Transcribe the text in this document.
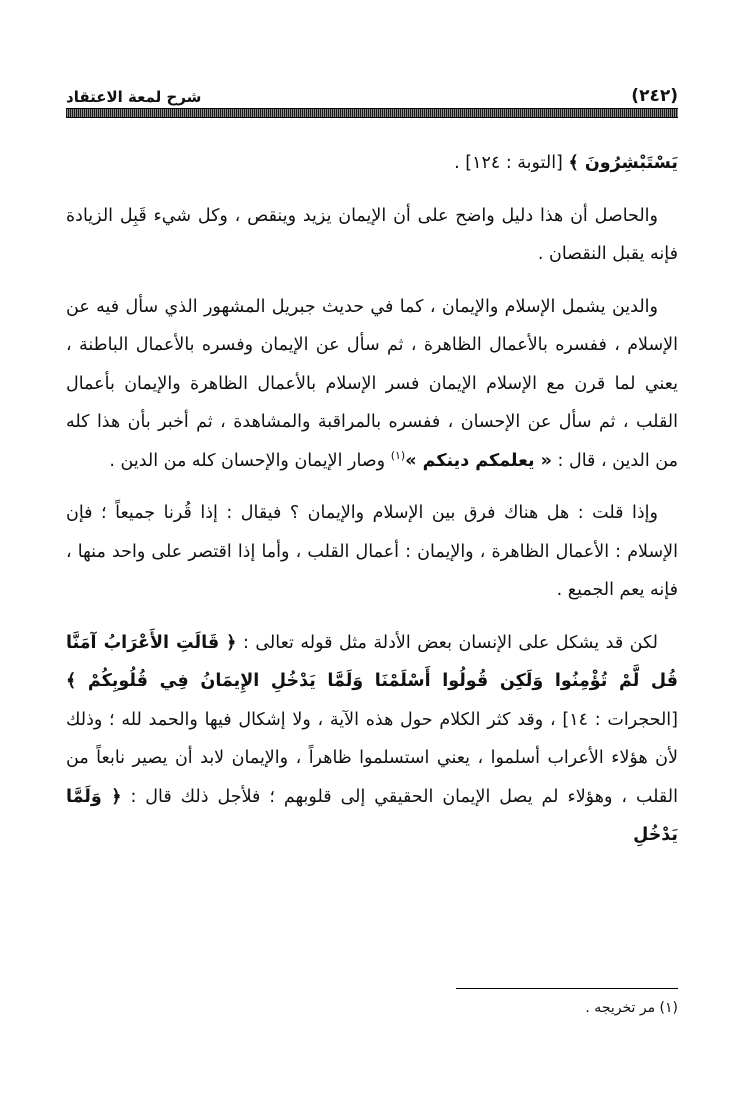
شرح لمعة الاعتقاد	(٢٤٢)

يَسْتَبْشِرُونَ ﴾ [التوبة : ١٢٤] .

والحاصل أن هذا دليل واضح على أن الإيمان يزيد وينقص ، وكل شيء قَبِل الزيادة فإنه يقبل النقصان .

والدين يشمل الإسلام والإيمان ، كما في حديث جبريل المشهور الذي سأل فيه عن الإسلام ، ففسره بالأعمال الظاهرة ، ثم سأل عن الإيمان وفسره بالأعمال الباطنة ، يعني لما قرن مع الإسلام الإيمان فسر الإسلام بالأعمال الظاهرة والإيمان بأعمال القلب ، ثم سأل عن الإحسان ، ففسره بالمراقبة والمشاهدة ، ثم أخبر بأن هذا كله من الدين ، قال : « يعلمكم دينكم »$^{(١)}$ وصار الإيمان والإحسان كله من الدين .

وإذا قلت : هل هناك فرق بين الإسلام والإيمان ؟ فيقال : إذا قُرنا جميعاً ؛ فإن الإسلام : الأعمال الظاهرة ، والإيمان : أعمال القلب ، وأما إذا اقتصر على واحد منها ، فإنه يعم الجميع .

لكن قد يشكل على الإنسان بعض الأدلة مثل قوله تعالى : ﴿ قَالَتِ الأَعْرَابُ آمَنَّا قُل لَّمْ تُؤْمِنُوا وَلَكِن قُولُوا أَسْلَمْنَا وَلَمَّا يَدْخُلِ الإِيمَانُ فِي قُلُوبِكُمْ ﴾ [الحجرات : ١٤] ، وقد كثر الكلام حول هذه الآية ، ولا إشكال فيها والحمد لله ؛ وذلك لأن هؤلاء الأعراب أسلموا ، يعني استسلموا ظاهراً ، والإيمان لابد أن يصير نابعاً من القلب ، وهؤلاء لم يصل الإيمان الحقيقي إلى قلوبهم ؛ فلأجل ذلك قال : ﴿ وَلَمَّا يَدْخُلِ

(١) مر تخريجه .
